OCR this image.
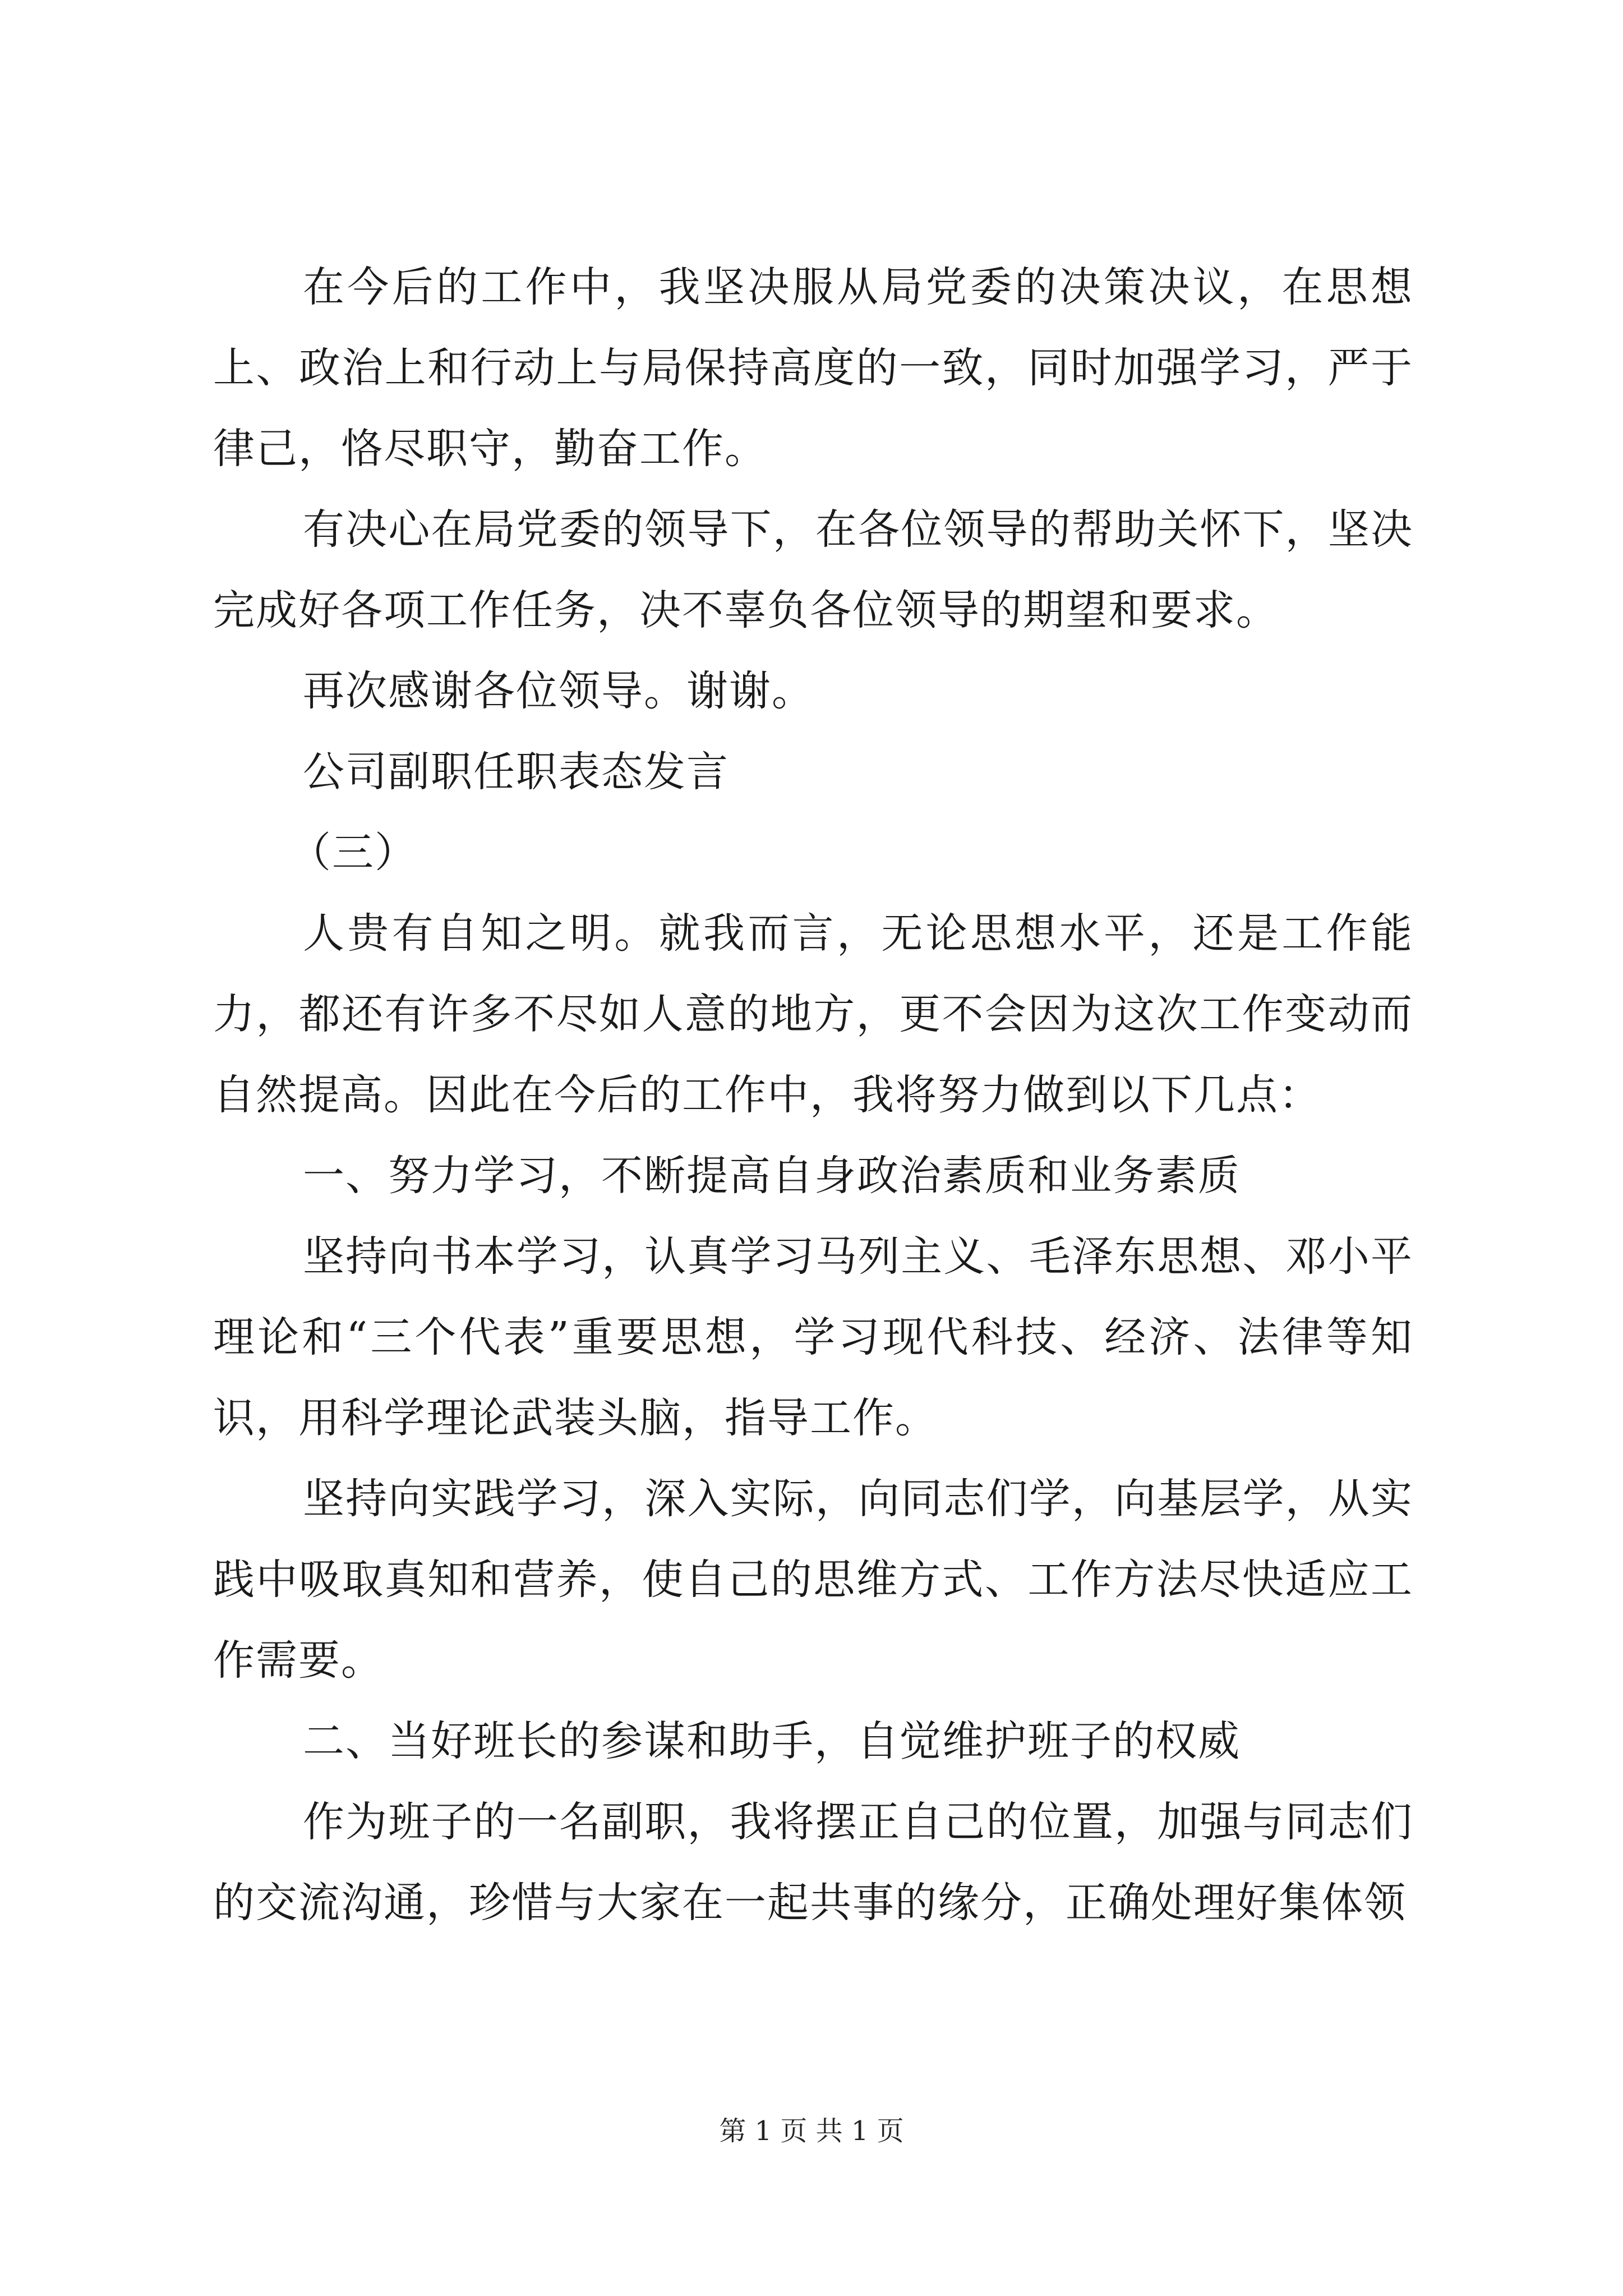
在今后的工作中，我坚决服从局党委的决策决议，在思想上、政治上和行动上与局保持高度的一致，同时加强学习，严于律己，恪尽职守，勤奋工作。

有决心在局党委的领导下，在各位领导的帮助关怀下，坚决完成好各项工作任务，决不辜负各位领导的期望和要求。

再次感谢各位领导。谢谢。

公司副职任职表态发言

（三）

人贵有自知之明。就我而言，无论思想水平，还是工作能力，都还有许多不尽如人意的地方，更不会因为这次工作变动而自然提高。因此在今后的工作中，我将努力做到以下几点：

一、努力学习，不断提高自身政治素质和业务素质

坚持向书本学习，认真学习马列主义、毛泽东思想、邓小平理论和“三个代表”重要思想，学习现代科技、经济、法律等知识，用科学理论武装头脑，指导工作。

坚持向实践学习，深入实际，向同志们学，向基层学，从实践中吸取真知和营养，使自己的思维方式、工作方法尽快适应工作需要。

二、当好班长的参谋和助手，自觉维护班子的权威

作为班子的一名副职，我将摆正自己的位置，加强与同志们的交流沟通，珍惜与大家在一起共事的缘分，正确处理好集体领

第 1 页 共 1 页
